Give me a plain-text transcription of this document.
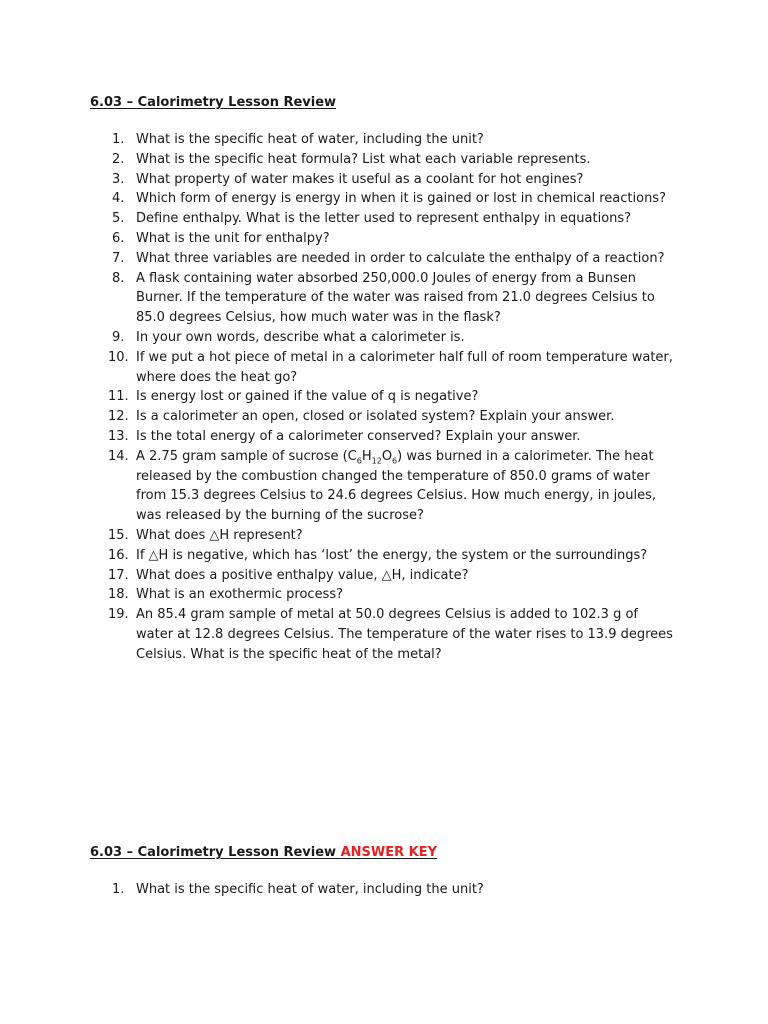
6.03 – Calorimetry Lesson Review
1. What is the specific heat of water, including the unit?
2. What is the specific heat formula? List what each variable represents.
3. What property of water makes it useful as a coolant for hot engines?
4. Which form of energy is energy in when it is gained or lost in chemical reactions?
5. Define enthalpy. What is the letter used to represent enthalpy in equations?
6. What is the unit for enthalpy?
7. What three variables are needed in order to calculate the enthalpy of a reaction?
8. A flask containing water absorbed 250,000.0 Joules of energy from a Bunsen Burner. If the temperature of the water was raised from 21.0 degrees Celsius to 85.0 degrees Celsius, how much water was in the flask?
9. In your own words, describe what a calorimeter is.
10. If we put a hot piece of metal in a calorimeter half full of room temperature water, where does the heat go?
11. Is energy lost or gained if the value of q is negative?
12. Is a calorimeter an open, closed or isolated system? Explain your answer.
13. Is the total energy of a calorimeter conserved? Explain your answer.
14. A 2.75 gram sample of sucrose $(C_6H_{12}O_6)$ was burned in a calorimeter. The heat released by the combustion changed the temperature of 850.0 grams of water from 15.3 degrees Celsius to 24.6 degrees Celsius. How much energy, in joules, was released by the burning of the sucrose?
15. What does △H represent?
16. If △H is negative, which has ‘lost’ the energy, the system or the surroundings?
17. What does a positive enthalpy value, △H, indicate?
18. What is an exothermic process?
19. An 85.4 gram sample of metal at 50.0 degrees Celsius is added to 102.3 g of water at 12.8 degrees Celsius. The temperature of the water rises to 13.9 degrees Celsius. What is the specific heat of the metal?
6.03 – Calorimetry Lesson Review ANSWER KEY
1. What is the specific heat of water, including the unit?
